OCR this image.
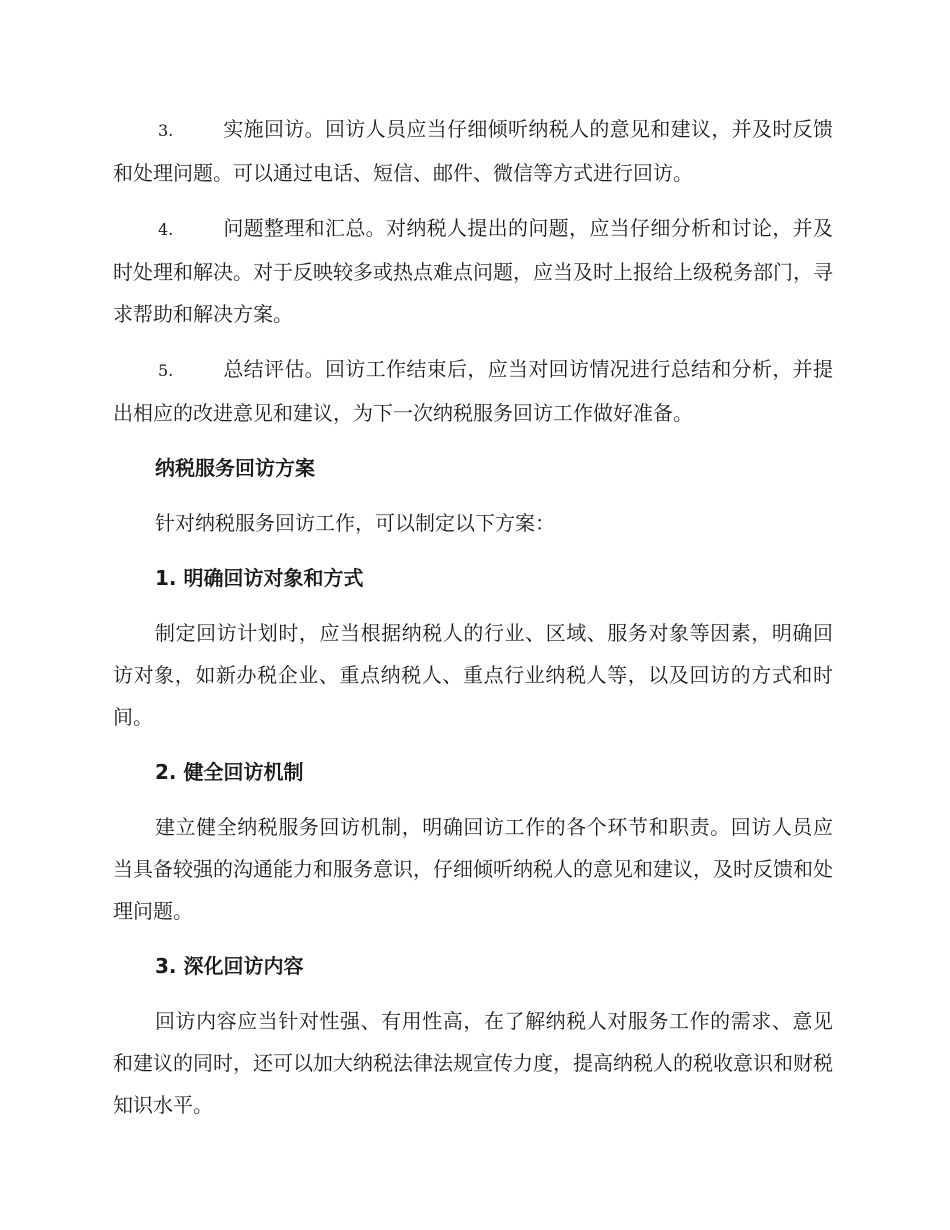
3. 实施回访。回访人员应当仔细倾听纳税人的意见和建议，并及时反馈和处理问题。可以通过电话、短信、邮件、微信等方式进行回访。

4. 问题整理和汇总。对纳税人提出的问题，应当仔细分析和讨论，并及时处理和解决。对于反映较多或热点难点问题，应当及时上报给上级税务部门，寻求帮助和解决方案。

5. 总结评估。回访工作结束后，应当对回访情况进行总结和分析，并提出相应的改进意见和建议，为下一次纳税服务回访工作做好准备。

纳税服务回访方案

针对纳税服务回访工作，可以制定以下方案：

1. 明确回访对象和方式

制定回访计划时，应当根据纳税人的行业、区域、服务对象等因素，明确回访对象，如新办税企业、重点纳税人、重点行业纳税人等，以及回访的方式和时间。

2. 健全回访机制

建立健全纳税服务回访机制，明确回访工作的各个环节和职责。回访人员应当具备较强的沟通能力和服务意识，仔细倾听纳税人的意见和建议，及时反馈和处理问题。

3. 深化回访内容

回访内容应当针对性强、有用性高，在了解纳税人对服务工作的需求、意见和建议的同时，还可以加大纳税法律法规宣传力度，提高纳税人的税收意识和财税知识水平。
